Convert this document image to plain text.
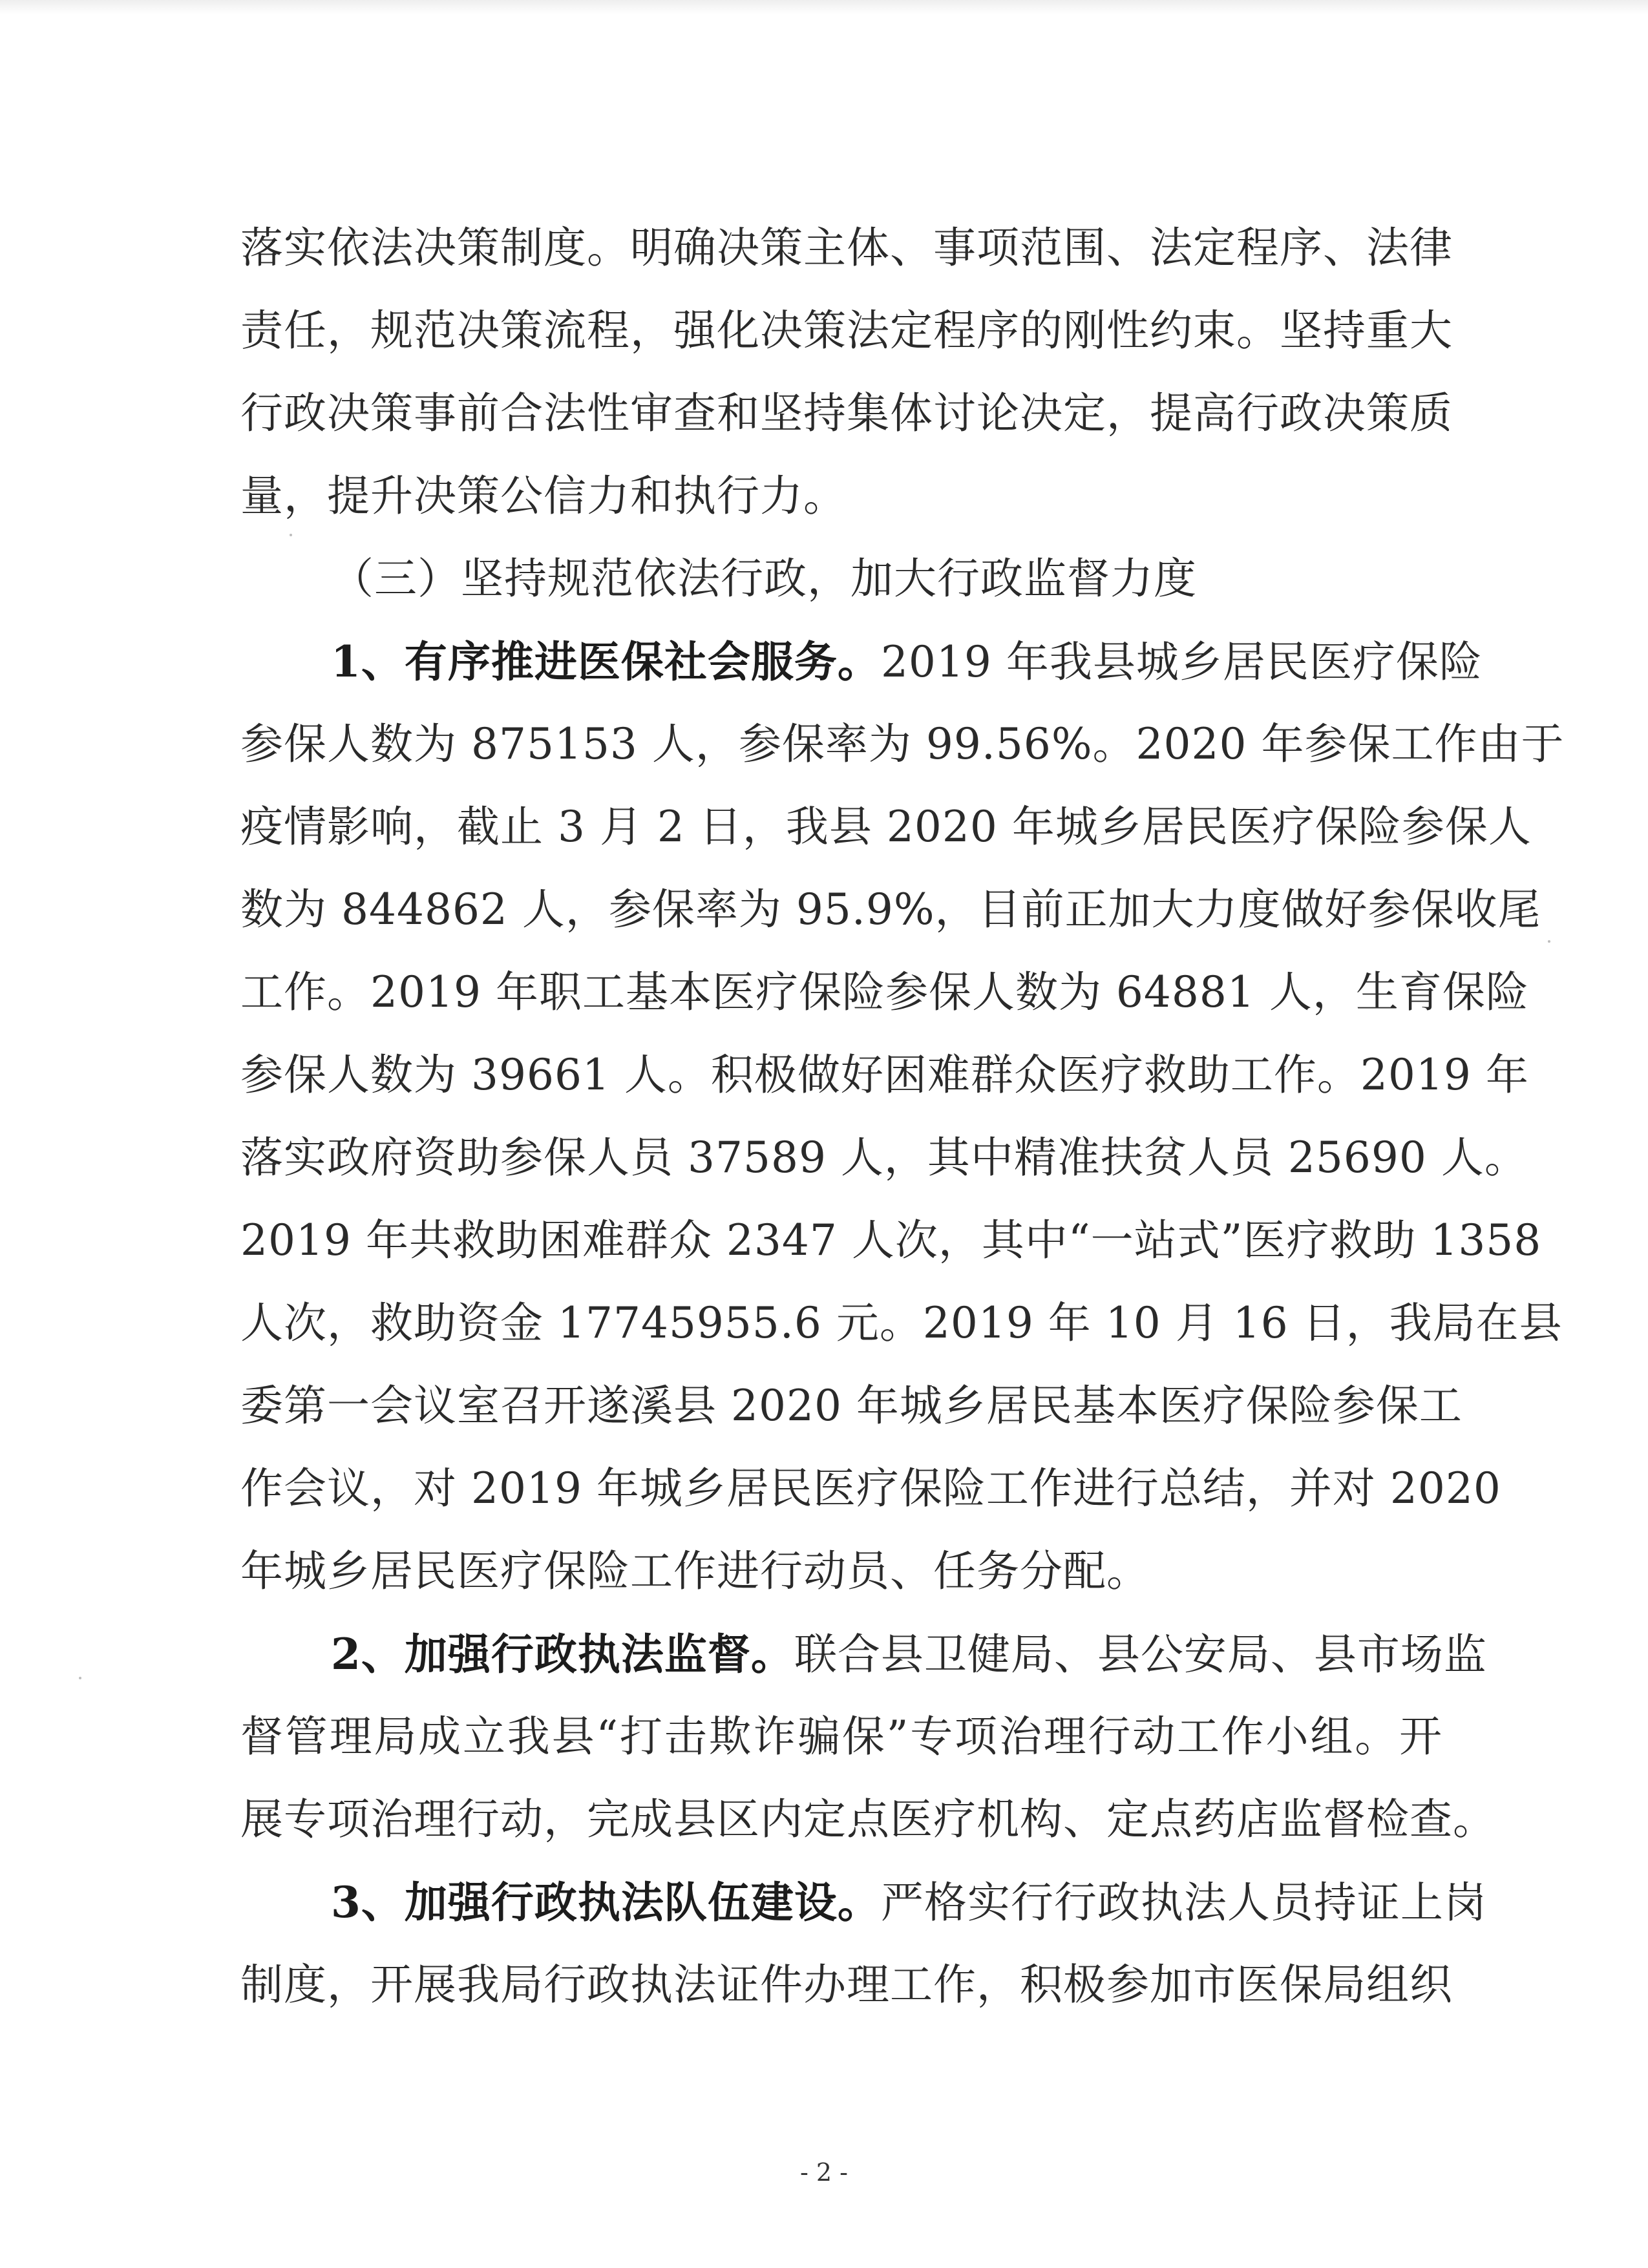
落实依法决策制度。明确决策主体、事项范围、法定程序、法律
责任，规范决策流程，强化决策法定程序的刚性约束。坚持重大
行政决策事前合法性审查和坚持集体讨论决定，提高行政决策质
量，提升决策公信力和执行力。
（三）坚持规范依法行政，加大行政监督力度
1、有序推进医保社会服务。2019 年我县城乡居民医疗保险
参保人数为 875153 人，参保率为 99.56%。2020 年参保工作由于
疫情影响，截止 3 月 2 日，我县 2020 年城乡居民医疗保险参保人
数为 844862 人，参保率为 95.9%，目前正加大力度做好参保收尾
工作。2019 年职工基本医疗保险参保人数为 64881 人，生育保险
参保人数为 39661 人。积极做好困难群众医疗救助工作。2019 年
落实政府资助参保人员 37589 人，其中精准扶贫人员 25690 人。
2019 年共救助困难群众 2347 人次，其中“一站式”医疗救助 1358
人次，救助资金 17745955.6 元。2019 年 10 月 16 日，我局在县
委第一会议室召开遂溪县 2020 年城乡居民基本医疗保险参保工
作会议，对 2019 年城乡居民医疗保险工作进行总结，并对 2020
年城乡居民医疗保险工作进行动员、任务分配。
2、加强行政执法监督。联合县卫健局、县公安局、县市场监
督管理局成立我县“打击欺诈骗保”专项治理行动工作小组。开
展专项治理行动，完成县区内定点医疗机构、定点药店监督检查。
3、加强行政执法队伍建设。严格实行行政执法人员持证上岗
制度，开展我局行政执法证件办理工作，积极参加市医保局组织
- 2 -
